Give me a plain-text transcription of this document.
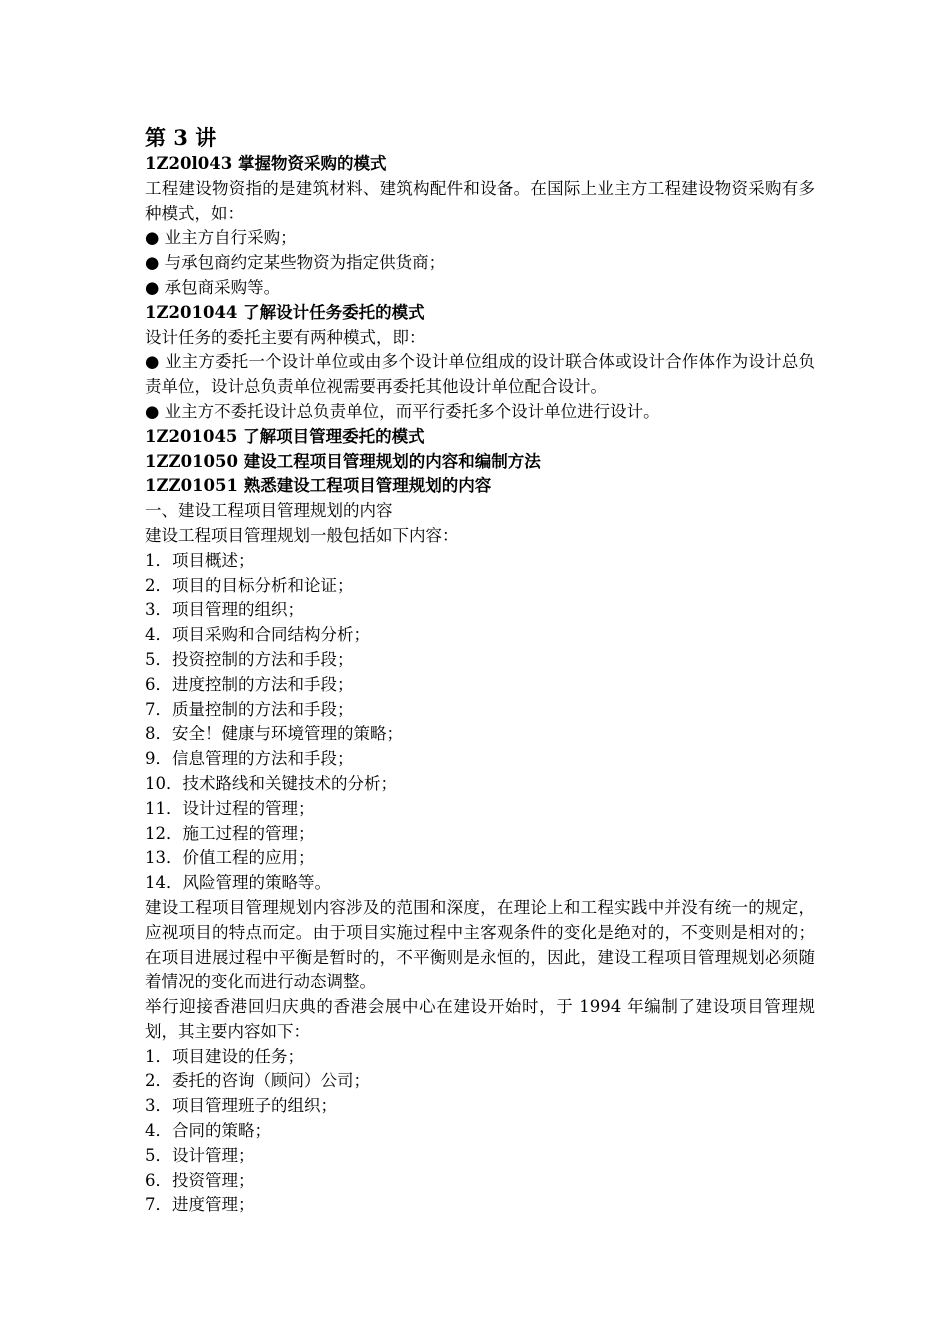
第 3 讲

1Z20l043 掌握物资采购的模式

工程建设物资指的是建筑材料、建筑构配件和设备。在国际上业主方工程建设物资采购有多种模式，如：

● 业主方自行采购；

● 与承包商约定某些物资为指定供货商；

● 承包商采购等。

1Z201044 了解设计任务委托的模式

设计任务的委托主要有两种模式，即：

● 业主方委托一个设计单位或由多个设计单位组成的设计联合体或设计合作体作为设计总负责单位，设计总负责单位视需要再委托其他设计单位配合设计。

● 业主方不委托设计总负责单位，而平行委托多个设计单位进行设计。

1Z201045 了解项目管理委托的模式

1ZZ01050 建设工程项目管理规划的内容和编制方法

1ZZ01051 熟悉建设工程项目管理规划的内容

一、建设工程项目管理规划的内容

建设工程项目管理规划一般包括如下内容：

1．项目概述；

2．项目的目标分析和论证；

3．项目管理的组织；

4．项目采购和合同结构分析；

5．投资控制的方法和手段；

6．进度控制的方法和手段；

7．质量控制的方法和手段；

8．安全！健康与环境管理的策略；

9．信息管理的方法和手段；

10．技术路线和关键技术的分析；

11．设计过程的管理；

12．施工过程的管理；

13．价值工程的应用；

14．风险管理的策略等。

建设工程项目管理规划内容涉及的范围和深度，在理论上和工程实践中并没有统一的规定，应视项目的特点而定。由于项目实施过程中主客观条件的变化是绝对的，不变则是相对的；在项目进展过程中平衡是暂时的，不平衡则是永恒的，因此，建设工程项目管理规划必须随着情况的变化而进行动态调整。

举行迎接香港回归庆典的香港会展中心在建设开始时，于 1994 年编制了建设项目管理规划，其主要内容如下：

1．项目建设的任务；

2．委托的咨询（顾问）公司；

3．项目管理班子的组织；

4．合同的策略；

5．设计管理；

6．投资管理；

7．进度管理；
